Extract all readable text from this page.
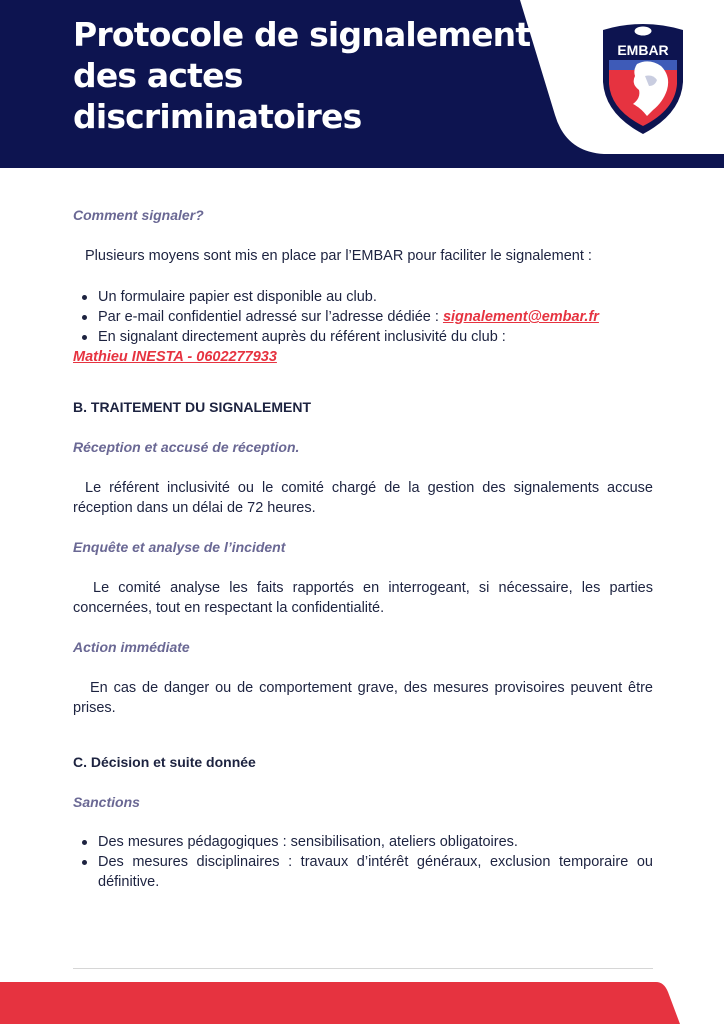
Protocole de signalement des actes discriminatoires
EMBAR

Comment signaler?

Plusieurs moyens sont mis en place par l’EMBAR pour faciliter le signalement :

Un formulaire papier est disponible au club.
Par e-mail confidentiel adressé sur l’adresse dédiée : signalement@embar.fr
En signalant directement auprès du référent inclusivité du club :

Mathieu INESTA - 0602277933

B. TRAITEMENT DU SIGNALEMENT

Réception et accusé de réception.

Le référent inclusivité ou le comité chargé de la gestion des signalements accuse réception dans un délai de 72 heures.

Enquête et analyse de l’incident

Le comité analyse les faits rapportés en interrogeant, si nécessaire, les parties concernées, tout en respectant la confidentialité.

Action immédiate

En cas de danger ou de comportement grave, des mesures provisoires peuvent être prises.

C. Décision et suite donnée

Sanctions

Des mesures pédagogiques : sensibilisation, ateliers obligatoires.
Des mesures disciplinaires : travaux d’intérêt généraux, exclusion temporaire ou définitive.
